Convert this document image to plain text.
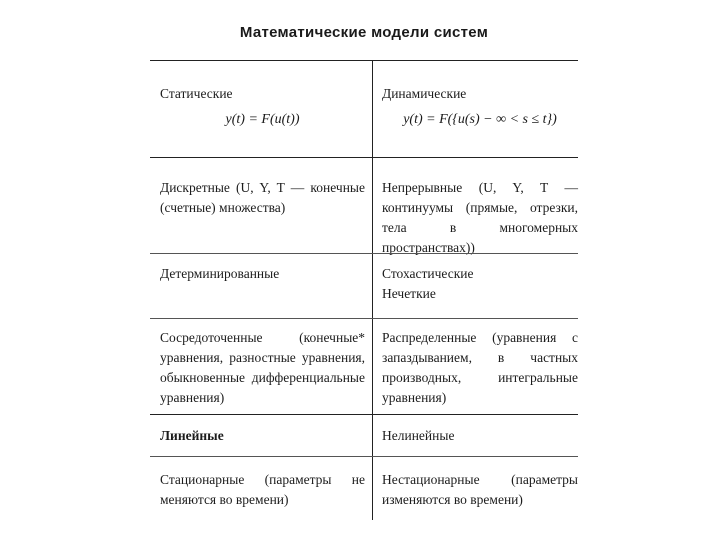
Математические модели систем
Статические
y(t) = F(u(t))
Динамические
y(t) = F({u(s) − ∞ < s ≤ t})
Дискретные (U, Y, T — конечные (счетные) множества)
Непрерывные (U, Y, T — континуумы (прямые, отрезки, тела в многомерных пространствах))
Детерминированные	Стохастические
Нечеткие
Сосредоточенные (конечные* уравнения, разностные уравнения, обыкновенные дифференциальные уравнения)
Распределенные (уравнения с запаздыванием, в частных производных, интегральные уравнения)
Линейные	Нелинейные
Стационарные (параметры не меняются во времени)
Нестационарные (параметры изменяются во времени)
